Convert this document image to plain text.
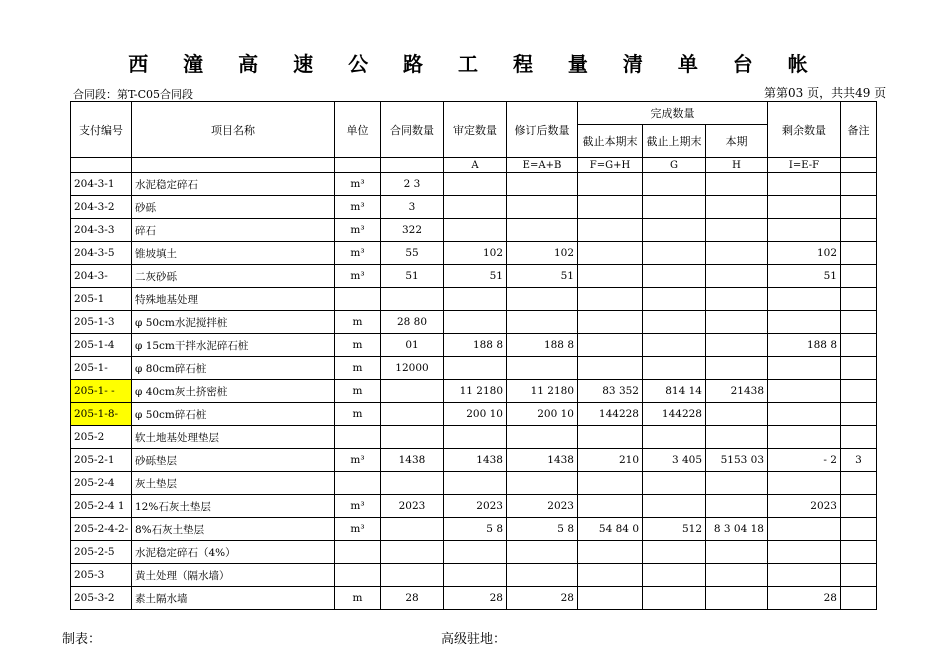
西 潼 高 速 公 路 工 程 量 清 单 台 帐
合同段：第T-C05合同段	第第03 页，共共49 页
支付编号	项目名称	单位	合同数量	审定数量	修订后数量	完成数量			剩余数量	备注
						截止本期末	截止上期末	本期		
				A	E=A+B	F=G+H	G	H	I=E-F	
204-3-1	水泥稳定碎石	m³	2 3							
204-3-2	砂砾	m³	3							
204-3-3	碎石	m³	322							
204-3-5	锥坡填土	m³	55	102	102				102	
204-3-	二灰砂砾	m³	51	51	51				51	
205-1	特殊地基处理									
205-1-3	φ 50cm水泥搅拌桩	m	28 80							
205-1-4	φ 15cm干拌水泥碎石桩	m	01	188 8	188 8				188 8	
205-1-	φ 80cm碎石桩	m	12000							
205-1- -	φ 40cm灰土挤密桩	m		11 2180	11 2180	83 352	814 14	21438		
205-1-8-	φ 50cm碎石桩	m		200 10	200 10	144228	144228			
205-2	软土地基处理垫层									
205-2-1	砂砾垫层	m³	1438	1438	1438	210	3 405	5153 03	- 2	3
205-2-4	灰土垫层									
205-2-4 1	12%石灰土垫层	m³	2023	2023	2023				2023	
205-2-4-2-	8%石灰土垫层	m³		5 8	5 8	54 84 0	512	8 3 04 18		
205-2-5	水泥稳定碎石（4%）									
205-3	黄土处理（隔水墙）									
205-3-2	素土隔水墙	m	28	28	28				28	
制表：	高级驻地：
